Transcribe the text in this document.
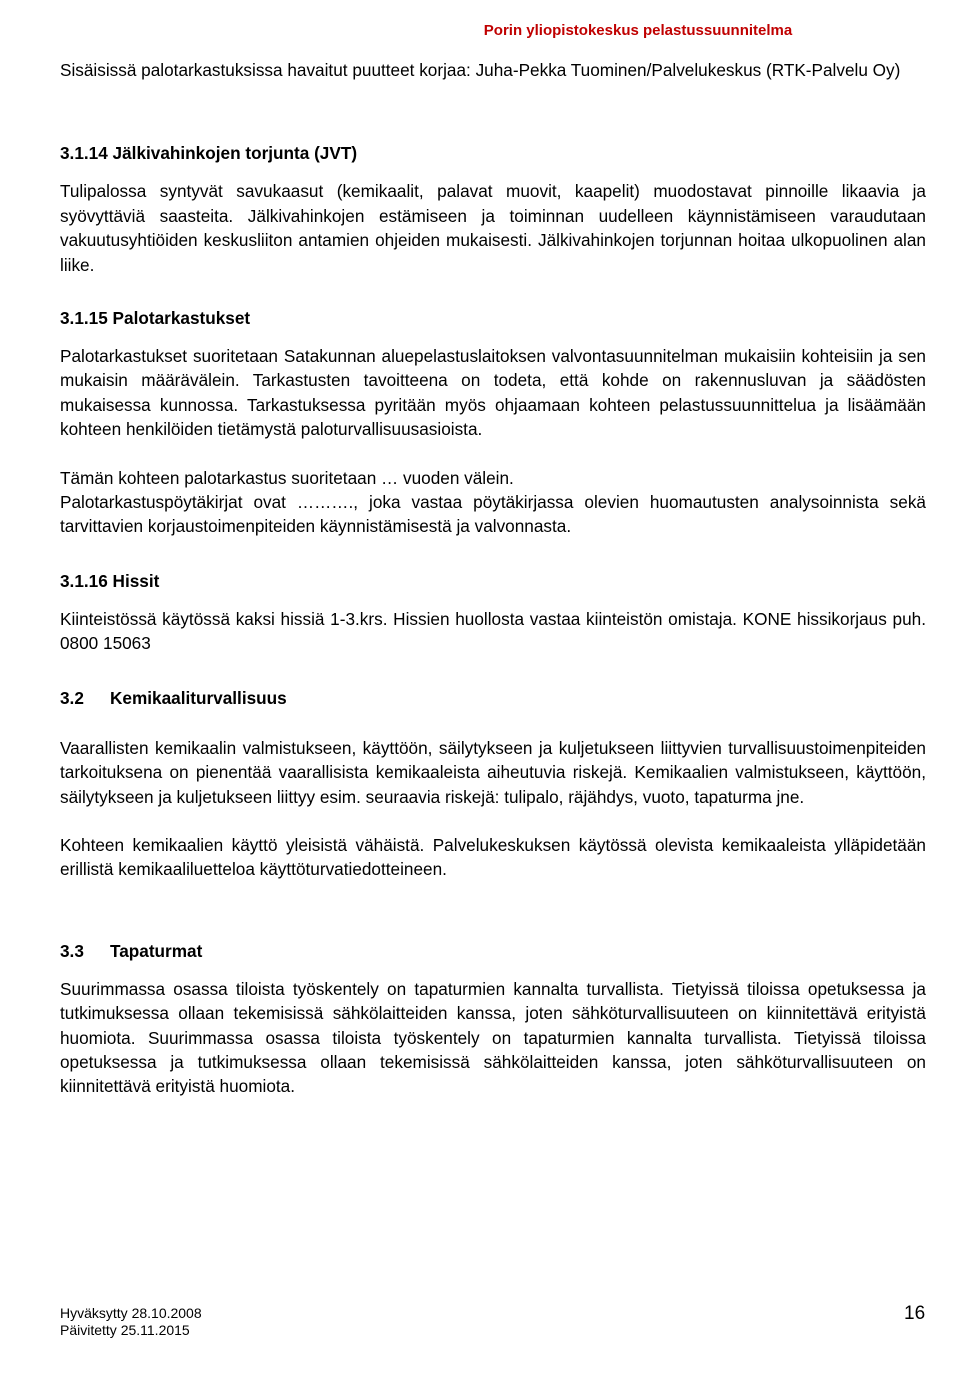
Porin yliopistokeskus pelastussuunnitelma

Sisäisissä palotarkastuksissa havaitut puutteet korjaa: Juha-Pekka Tuominen/Palvelukeskus (RTK-Palvelu Oy)

3.1.14 Jälkivahinkojen torjunta (JVT)

Tulipalossa syntyvät savukaasut (kemikaalit, palavat muovit, kaapelit) muodostavat pinnoille likaavia ja syövyttäviä saasteita. Jälkivahinkojen estämiseen ja toiminnan uudelleen käynnistämiseen varaudutaan vakuutusyhtiöiden keskusliiton antamien ohjeiden mukaisesti. Jälkivahinkojen torjunnan hoitaa ulkopuolinen alan liike.

3.1.15 Palotarkastukset

Palotarkastukset suoritetaan Satakunnan aluepelastuslaitoksen valvontasuunnitelman mukaisiin kohteisiin ja sen mukaisin määrävälein. Tarkastusten tavoitteena on todeta, että kohde on rakennusluvan ja säädösten mukaisessa kunnossa. Tarkastuksessa pyritään myös ohjaamaan kohteen pelastussuunnittelua ja lisäämään kohteen henkilöiden tietämystä paloturvallisuusasioista.

Tämän kohteen palotarkastus suoritetaan … vuoden välein.

Palotarkastuspöytäkirjat ovat ………., joka vastaa pöytäkirjassa olevien huomautusten analysoinnista sekä tarvittavien korjaustoimenpiteiden käynnistämisestä ja valvonnasta.

3.1.16 Hissit

Kiinteistössä käytössä kaksi hissiä 1-3.krs. Hissien huollosta vastaa kiinteistön omistaja. KONE hissikorjaus puh. 0800 15063

3.2 Kemikaaliturvallisuus

Vaarallisten kemikaalin valmistukseen, käyttöön, säilytykseen ja kuljetukseen liittyvien turvallisuustoimenpiteiden tarkoituksena on pienentää vaarallisista kemikaaleista aiheutuvia riskejä. Kemikaalien valmistukseen, käyttöön, säilytykseen ja kuljetukseen liittyy esim. seuraavia riskejä: tulipalo, räjähdys, vuoto, tapaturma jne.

Kohteen kemikaalien käyttö yleisistä vähäistä. Palvelukeskuksen käytössä olevista kemikaaleista ylläpidetään erillistä kemikaaliluetteloa käyttöturvatiedotteineen.

3.3 Tapaturmat

Suurimmassa osassa tiloista työskentely on tapaturmien kannalta turvallista. Tietyissä tiloissa opetuksessa ja tutkimuksessa ollaan tekemisissä sähkölaitteiden kanssa, joten sähköturvallisuuteen on kiinnitettävä erityistä huomiota. Suurimmassa osassa tiloista työskentely on tapaturmien kannalta turvallista. Tietyissä tiloissa opetuksessa ja tutkimuksessa ollaan tekemisissä sähkölaitteiden kanssa, joten sähköturvallisuuteen on kiinnitettävä erityistä huomiota.

Hyväksytty 28.10.2008
Päivitetty 25.11.2015
16
